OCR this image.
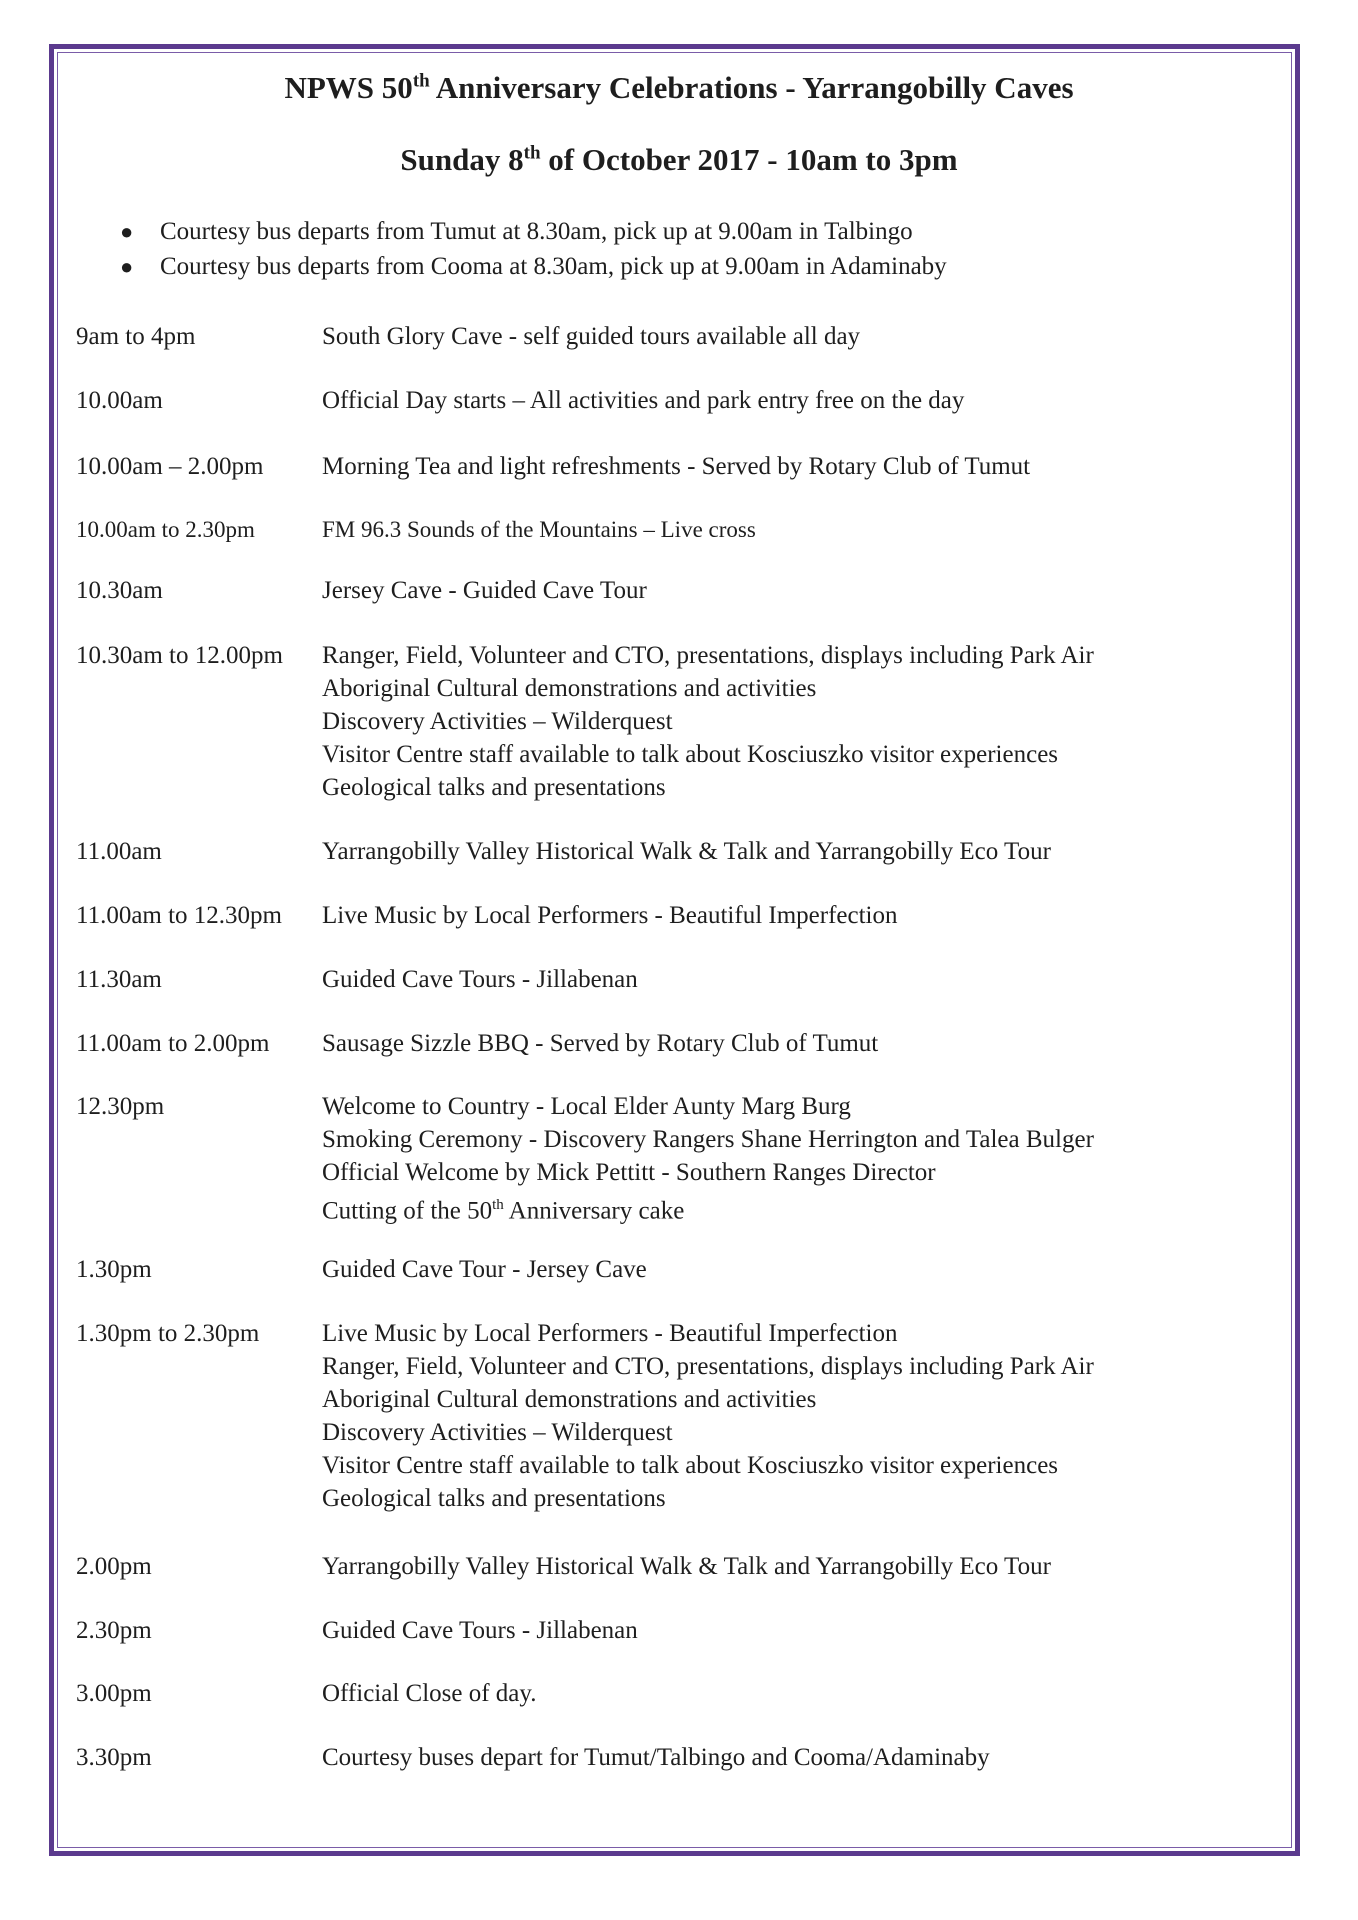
NPWS 50th Anniversary Celebrations - Yarrangobilly Caves
Sunday 8th of October 2017 - 10am to 3pm
● Courtesy bus departs from Tumut at 8.30am, pick up at 9.00am in Talbingo
● Courtesy bus departs from Cooma at 8.30am, pick up at 9.00am in Adaminaby
9am to 4pm	South Glory Cave - self guided tours available all day
10.00am	Official Day starts – All activities and park entry free on the day
10.00am – 2.00pm	Morning Tea and light refreshments - Served by Rotary Club of Tumut
10.00am to 2.30pm	FM 96.3 Sounds of the Mountains – Live cross
10.30am	Jersey Cave - Guided Cave Tour
10.30am to 12.00pm	Ranger, Field, Volunteer and CTO, presentations, displays including Park Air
Aboriginal Cultural demonstrations and activities
Discovery Activities – Wilderquest
Visitor Centre staff available to talk about Kosciuszko visitor experiences
Geological talks and presentations
11.00am	Yarrangobilly Valley Historical Walk & Talk and Yarrangobilly Eco Tour
11.00am to 12.30pm	Live Music by Local Performers - Beautiful Imperfection
11.30am	Guided Cave Tours - Jillabenan
11.00am to 2.00pm	Sausage Sizzle BBQ - Served by Rotary Club of Tumut
12.30pm	Welcome to Country - Local Elder Aunty Marg Burg
Smoking Ceremony - Discovery Rangers Shane Herrington and Talea Bulger
Official Welcome by Mick Pettitt - Southern Ranges Director
Cutting of the 50th Anniversary cake
1.30pm	Guided Cave Tour - Jersey Cave
1.30pm to 2.30pm	Live Music by Local Performers - Beautiful Imperfection
Ranger, Field, Volunteer and CTO, presentations, displays including Park Air
Aboriginal Cultural demonstrations and activities
Discovery Activities – Wilderquest
Visitor Centre staff available to talk about Kosciuszko visitor experiences
Geological talks and presentations
2.00pm	Yarrangobilly Valley Historical Walk & Talk and Yarrangobilly Eco Tour
2.30pm	Guided Cave Tours - Jillabenan
3.00pm	Official Close of day.
3.30pm	Courtesy buses depart for Tumut/Talbingo and Cooma/Adaminaby
